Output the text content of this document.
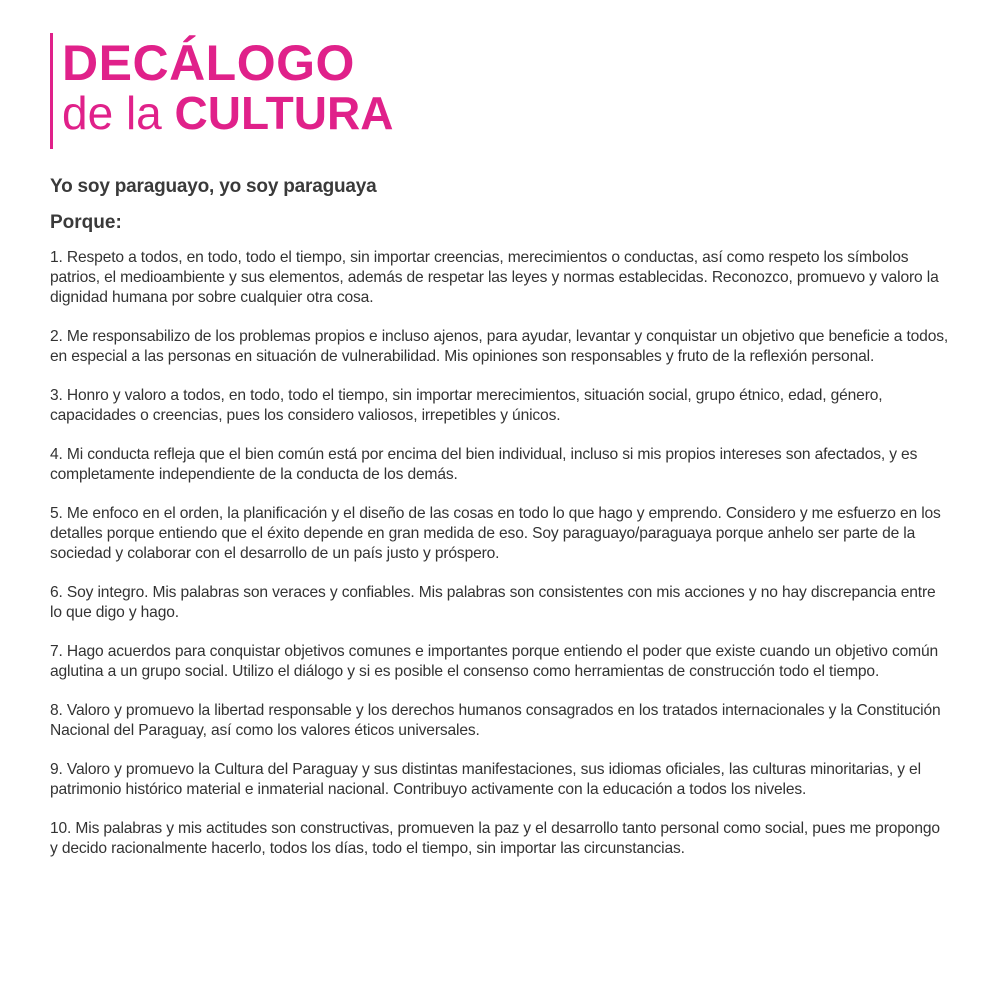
DECÁLOGO
de la CULTURA

Yo soy paraguayo, yo soy paraguaya

Porque:

1. Respeto a todos, en todo, todo el tiempo, sin importar creencias, merecimientos o conductas, así como respeto los símbolos patrios, el medioambiente y sus elementos, además de respetar las leyes y normas establecidas. Reconozco, promuevo y valoro la dignidad humana por sobre cualquier otra cosa.
2. Me responsabilizo de los problemas propios e incluso ajenos, para ayudar, levantar y conquistar un objetivo que beneficie a todos, en especial a las personas en situación de vulnerabilidad. Mis opiniones son responsables y fruto de la reflexión personal.
3. Honro y valoro a todos, en todo, todo el tiempo, sin importar merecimientos, situación social, grupo étnico, edad, género, capacidades o creencias, pues los considero valiosos, irrepetibles y únicos.
4. Mi conducta refleja que el bien común está por encima del bien individual, incluso si mis propios intereses son afectados, y es completamente independiente de la conducta de los demás.
5. Me enfoco en el orden, la planificación y el diseño de las cosas en todo lo que hago y emprendo. Considero y me esfuerzo en los detalles porque entiendo que el éxito depende en gran medida de eso. Soy paraguayo/paraguaya porque anhelo ser parte de la sociedad y colaborar con el desarrollo de un país justo y próspero.
6. Soy integro. Mis palabras son veraces y confiables. Mis palabras son consistentes con mis acciones y no hay discrepancia entre lo que digo y hago.
7. Hago acuerdos para conquistar objetivos comunes e importantes porque entiendo el poder que existe cuando un objetivo común aglutina a un grupo social. Utilizo el diálogo y si es posible el consenso como herramientas de construcción todo el tiempo.
8. Valoro y promuevo la libertad responsable y los derechos humanos consagrados en los tratados internacionales y la Constitución Nacional del Paraguay, así como los valores éticos universales.
9. Valoro y promuevo la Cultura del Paraguay y sus distintas manifestaciones, sus idiomas oficiales, las culturas minoritarias, y el patrimonio histórico material e inmaterial nacional. Contribuyo activamente con la educación a todos los niveles.
10. Mis palabras y mis actitudes son constructivas, promueven la paz y el desarrollo tanto personal como social, pues me propongo y decido racionalmente hacerlo, todos los días, todo el tiempo, sin importar las circunstancias.
